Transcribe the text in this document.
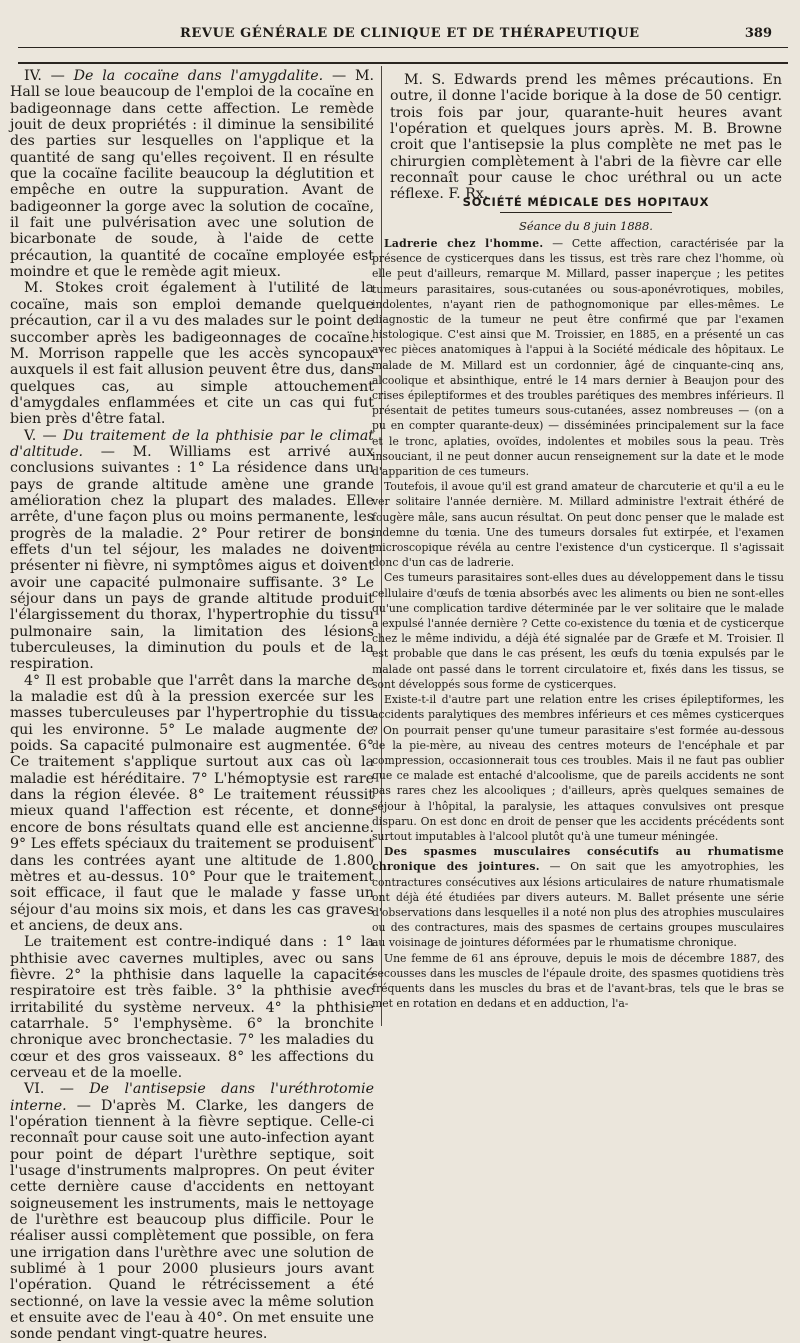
REVUE GÉNÉRALE DE CLINIQUE ET DE THÉRAPEUTIQUE	389

IV. — De la cocaïne dans l'amygdalite. — M. Hall se loue beaucoup de l'emploi de la cocaïne en badigeonnage dans cette affection. Le remède jouit de deux propriétés : il diminue la sensibilité des parties sur lesquelles on l'applique et la quantité de sang qu'elles reçoivent. Il en résulte que la cocaïne facilite beaucoup la déglutition et empêche en outre la suppuration. Avant de badigeonner la gorge avec la solution de cocaïne, il fait une pulvérisation avec une solution de bicarbonate de soude, à l'aide de cette précaution, la quantité de cocaïne employée est moindre et que le remède agit mieux.

M. Stokes croit également à l'utilité de la cocaïne, mais son emploi demande quelque précaution, car il a vu des malades sur le point de succomber après les badigeonnages de cocaïne. M. Morrison rappelle que les accès syncopaux auxquels il est fait allusion peuvent être dus, dans quelques cas, au simple attouchement d'amygdales enflammées et cite un cas qui fut bien près d'être fatal.

V. — Du traitement de la phthisie par le climat d'altitude. — M. Williams est arrivé aux conclusions suivantes : 1° La résidence dans un pays de grande altitude amène une grande amélioration chez la plupart des malades. Elle arrête, d'une façon plus ou moins permanente, les progrès de la maladie. 2° Pour retirer de bons effets d'un tel séjour, les malades ne doivent présenter ni fièvre, ni symptômes aigus et doivent avoir une capacité pulmonaire suffisante. 3° Le séjour dans un pays de grande altitude produit l'élargissement du thorax, l'hypertrophie du tissu pulmonaire sain, la limitation des lésions tuberculeuses, la diminution du pouls et de la respiration.

4° Il est probable que l'arrêt dans la marche de la maladie est dû à la pression exercée sur les masses tuberculeuses par l'hypertrophie du tissu qui les environne. 5° Le malade augmente de poids. Sa capacité pulmonaire est augmentée. 6° Ce traitement s'applique surtout aux cas où la maladie est héréditaire. 7° L'hémoptysie est rare dans la région élevée. 8° Le traitement réussit mieux quand l'affection est récente, et donne encore de bons résultats quand elle est ancienne. 9° Les effets spéciaux du traitement se produisent dans les contrées ayant une altitude de 1.800 mètres et au-dessus. 10° Pour que le traitement soit efficace, il faut que le malade y fasse un séjour d'au moins six mois, et dans les cas graves et anciens, de deux ans.

Le traitement est contre-indiqué dans : 1° la phthisie avec cavernes multiples, avec ou sans fièvre. 2° la phthisie dans laquelle la capacité respiratoire est très faible. 3° la phthisie avec irritabilité du système nerveux. 4° la phthisie catarrhale. 5° l'emphysème. 6° la bronchite chronique avec bronchectasie. 7° les maladies du cœur et des gros vaisseaux. 8° les affections du cerveau et de la moelle.

VI. — De l'antisepsie dans l'uréthrotomie interne. — D'après M. Clarke, les dangers de l'opération tiennent à la fièvre septique. Celle-ci reconnaît pour cause soit une auto-infection ayant pour point de départ l'urèthre septique, soit l'usage d'instruments malpropres. On peut éviter cette dernière cause d'accidents en nettoyant soigneusement les instruments, mais le nettoyage de l'urèthre est beaucoup plus difficile. Pour le réaliser aussi complètement que possible, on fera une irrigation dans l'urèthre avec une solution de sublimé à 1 pour 2000 plusieurs jours avant l'opération. Quand le rétrécissement a été sectionné, on lave la vessie avec la même solution et ensuite avec de l'eau à 40°. On met ensuite une sonde pendant vingt-quatre heures.

M. S. Edwards prend les mêmes précautions. En outre, il donne l'acide borique à la dose de 50 centigr. trois fois par jour, quarante-huit heures avant l'opération et quelques jours après. M. B. Browne croit que l'antisepsie la plus complète ne met pas le chirurgien complètement à l'abri de la fièvre car elle reconnaît pour cause le choc uréthral ou un acte réflexe. F. Rx.

SOCIÉTÉ MÉDICALE DES HOPITAUX
Séance du 8 juin 1888.

Ladrerie chez l'homme. — Cette affection, caractérisée par la présence de cysticerques dans les tissus, est très rare chez l'homme, où elle peut d'ailleurs, remarque M. Millard, passer inaperçue ; les petites tumeurs parasitaires, sous-cutanées ou sous-aponévrotiques, mobiles, indolentes, n'ayant rien de pathognomonique par elles-mêmes. Le diagnostic de la tumeur ne peut être confirmé que par l'examen histologique. C'est ainsi que M. Troissier, en 1885, en a présenté un cas avec pièces anatomiques à l'appui à la Société médicale des hôpitaux. Le malade de M. Millard est un cordonnier, âgé de cinquante-cinq ans, alcoolique et absinthique, entré le 14 mars dernier à Beaujon pour des crises épileptiformes et des troubles parétiques des membres inférieurs. Il présentait de petites tumeurs sous-cutanées, assez nombreuses — (on a pu en compter quarante-deux) — disséminées principalement sur la face et le tronc, aplaties, ovoïdes, indolentes et mobiles sous la peau. Très insouciant, il ne peut donner aucun renseignement sur la date et le mode d'apparition de ces tumeurs.

Toutefois, il avoue qu'il est grand amateur de charcuterie et qu'il a eu le ver solitaire l'année dernière. M. Millard administre l'extrait éthéré de fougère mâle, sans aucun résultat. On peut donc penser que le malade est indemne du tœnia. Une des tumeurs dorsales fut extirpée, et l'examen microscopique révéla au centre l'existence d'un cysticerque. Il s'agissait donc d'un cas de ladrerie.

Ces tumeurs parasitaires sont-elles dues au développement dans le tissu cellulaire d'œufs de tœnia absorbés avec les aliments ou bien ne sont-elles qu'une complication tardive déterminée par le ver solitaire que le malade a expulsé l'année dernière ? Cette co-existence du tœnia et de cysticerque chez le même individu, a déjà été signalée par de Græfe et M. Troisier. Il est probable que dans le cas présent, les œufs du tœnia expulsés par le malade ont passé dans le torrent circulatoire et, fixés dans les tissus, se sont développés sous forme de cysticerques.

Existe-t-il d'autre part une relation entre les crises épileptiformes, les accidents paralytiques des membres inférieurs et ces mêmes cysticerques ? On pourrait penser qu'une tumeur parasitaire s'est formée au-dessous de la pie-mère, au niveau des centres moteurs de l'encéphale et par compression, occasionnerait tous ces troubles. Mais il ne faut pas oublier que ce malade est entaché d'alcoolisme, que de pareils accidents ne sont pas rares chez les alcooliques ; d'ailleurs, après quelques semaines de séjour à l'hôpital, la paralysie, les attaques convulsives ont presque disparu. On est donc en droit de penser que les accidents précédents sont surtout imputables à l'alcool plutôt qu'à une tumeur méningée.

Des spasmes musculaires consécutifs au rhumatisme chronique des jointures. — On sait que les amyotrophies, les contractures consécutives aux lésions articulaires de nature rhumatismale ont déjà été étudiées par divers auteurs. M. Ballet présente une série d'observations dans lesquelles il a noté non plus des atrophies musculaires ou des contractures, mais des spasmes de certains groupes musculaires au voisinage de jointures déformées par le rhumatisme chronique.

Une femme de 61 ans éprouve, depuis le mois de décembre 1887, des secousses dans les muscles de l'épaule droite, des spasmes quotidiens très fréquents dans les muscles du bras et de l'avant-bras, tels que le bras se met en rotation en dedans et en adduction, l'a-
